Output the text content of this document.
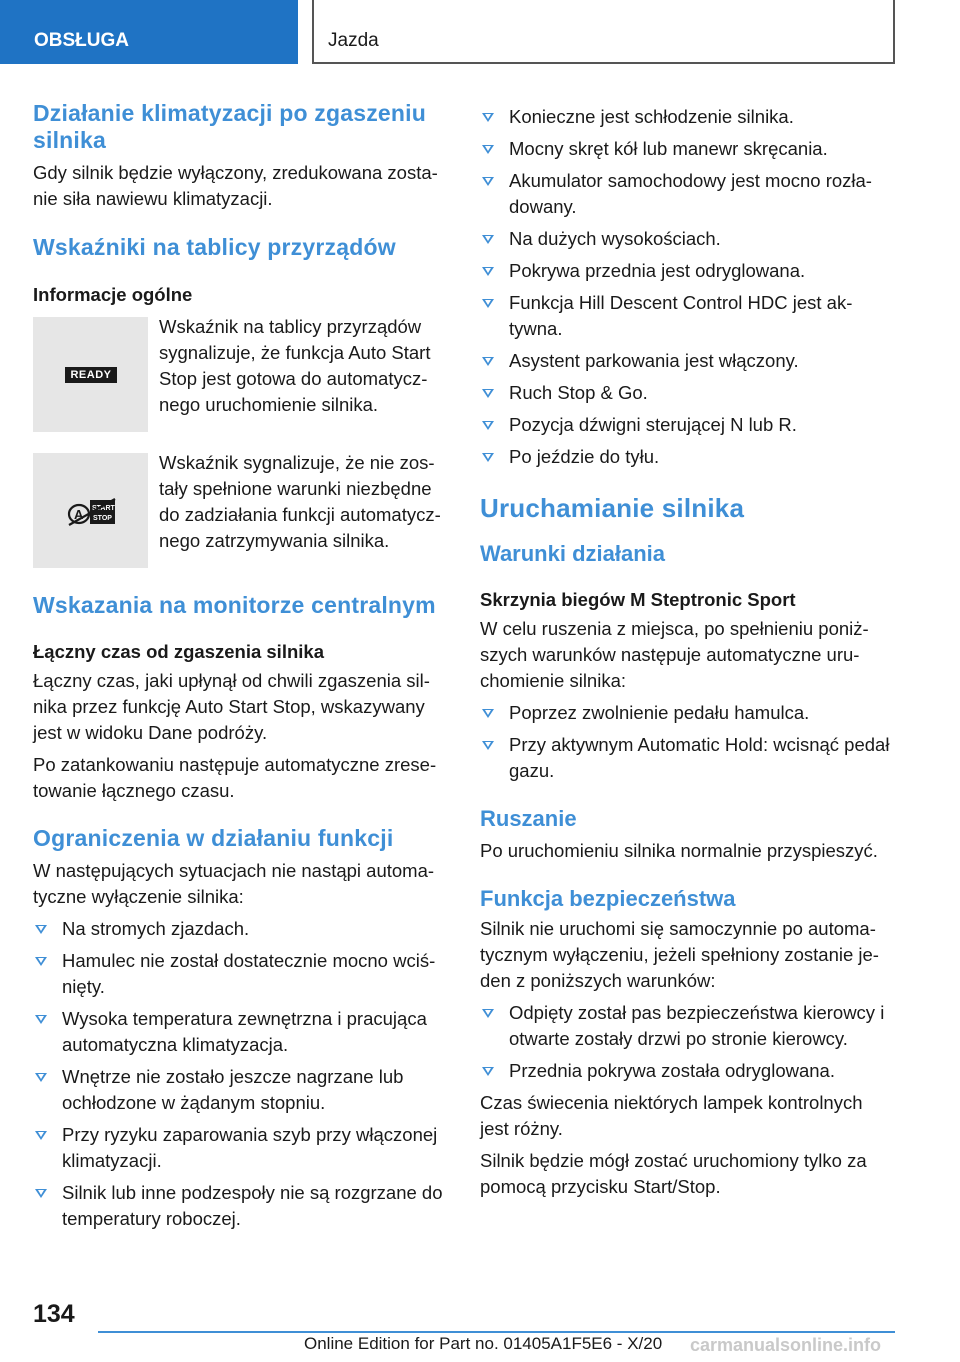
OBSŁUGA	Jazda
Działanie klimatyzacji po zgaszeniu silnika

Gdy silnik będzie wyłączony, zredukowana zostanie siła nawiewu klimatyzacji.

Wskaźniki na tablicy przyrządów
Informacje ogólne
READY

Wskaźnik na tablicy przyrządów sygnalizuje, że funkcja Auto Start Stop jest gotowa do automatycznego uruchomienie silnika.

A START
STOP

Wskaźnik sygnalizuje, że nie zostały spełnione warunki niezbędne do zadziałania funkcji automatycznego zatrzymywania silnika.

Wskazania na monitorze centralnym
Łączny czas od zgaszenia silnika

Łączny czas, jaki upłynął od chwili zgaszenia silnika przez funkcję Auto Start Stop, wskazywany jest w widoku Dane podróży.

Po zatankowaniu następuje automatyczne zresetowanie łącznego czasu.

Ograniczenia w działaniu funkcji

W następujących sytuacjach nie nastąpi automatyczne wyłączenie silnika:

Na stromych zjazdach.
Hamulec nie został dostatecznie mocno wciśnięty.
Wysoka temperatura zewnętrzna i pracująca automatyczna klimatyzacja.
Wnętrze nie zostało jeszcze nagrzane lub ochłodzone w żądanym stopniu.
Przy ryzyku zaparowania szyb przy włączonej klimatyzacji.
Silnik lub inne podzespoły nie są rozgrzane do temperatury roboczej.
Konieczne jest schłodzenie silnika.
Mocny skręt kół lub manewr skręcania.
Akumulator samochodowy jest mocno rozładowany.
Na dużych wysokościach.
Pokrywa przednia jest odryglowana.
Funkcja Hill Descent Control HDC jest aktywna.
Asystent parkowania jest włączony.
Ruch Stop & Go.
Pozycja dźwigni sterującej N lub R.
Po jeździe do tyłu.
Uruchamianie silnika
Warunki działania
Skrzynia biegów M Steptronic Sport

W celu ruszenia z miejsca, po spełnieniu poniższych warunków następuje automatyczne uruchomienie silnika:

Poprzez zwolnienie pedału hamulca.
Przy aktywnym Automatic Hold: wcisnąć pedał gazu.
Ruszanie

Po uruchomieniu silnika normalnie przyspieszyć.

Funkcja bezpieczeństwa

Silnik nie uruchomi się samoczynnie po automatycznym wyłączeniu, jeżeli spełniony zostanie jeden z poniższych warunków:

Odpięty został pas bezpieczeństwa kierowcy i otwarte zostały drzwi po stronie kierowcy.
Przednia pokrywa została odryglowana.

Czas świecenia niektórych lampek kontrolnych jest różny.

Silnik będzie mógł zostać uruchomiony tylko za pomocą przycisku Start/Stop.

134
Online Edition for Part no. 01405A1F5E6 - X/20 carmanualsonline.info
